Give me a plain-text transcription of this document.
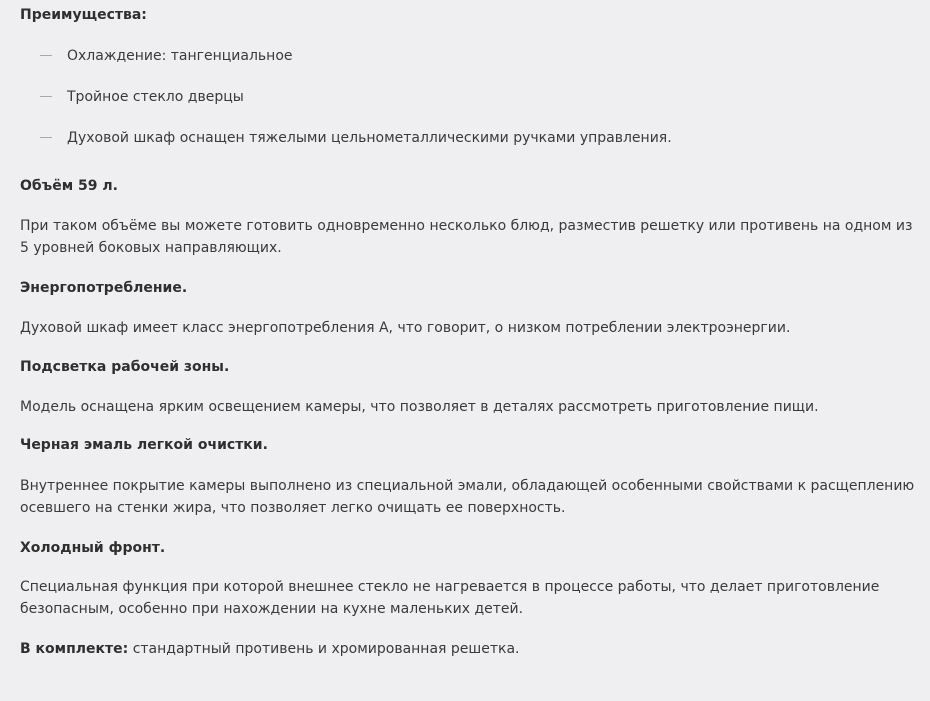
Преимущества:
Охлаждение: тангенциальное
Тройное стекло дверцы
Духовой шкаф оснащен тяжелыми цельнометаллическими ручками управления.
Объём 59 л.
При таком объёме вы можете готовить одновременно несколько блюд, разместив решетку или противень на одном из 5 уровней боковых направляющих.
Энергопотребление.
Духовой шкаф имеет класс энергопотребления А, что говорит, о низком потреблении электроэнергии.
Подсветка рабочей зоны.
Модель оснащена ярким освещением камеры, что позволяет в деталях рассмотреть приготовление пищи.
Черная эмаль легкой очистки.
Внутреннее покрытие камеры выполнено из специальной эмали, обладающей особенными свойствами к расщеплению осевшего на стенки жира, что позволяет легко очищать ее поверхность.
Холодный фронт.
Специальная функция при которой внешнее стекло не нагревается в процессе работы, что делает приготовление безопасным, особенно при нахождении на кухне маленьких детей.
В комплекте: стандартный противень и хромированная решетка.
